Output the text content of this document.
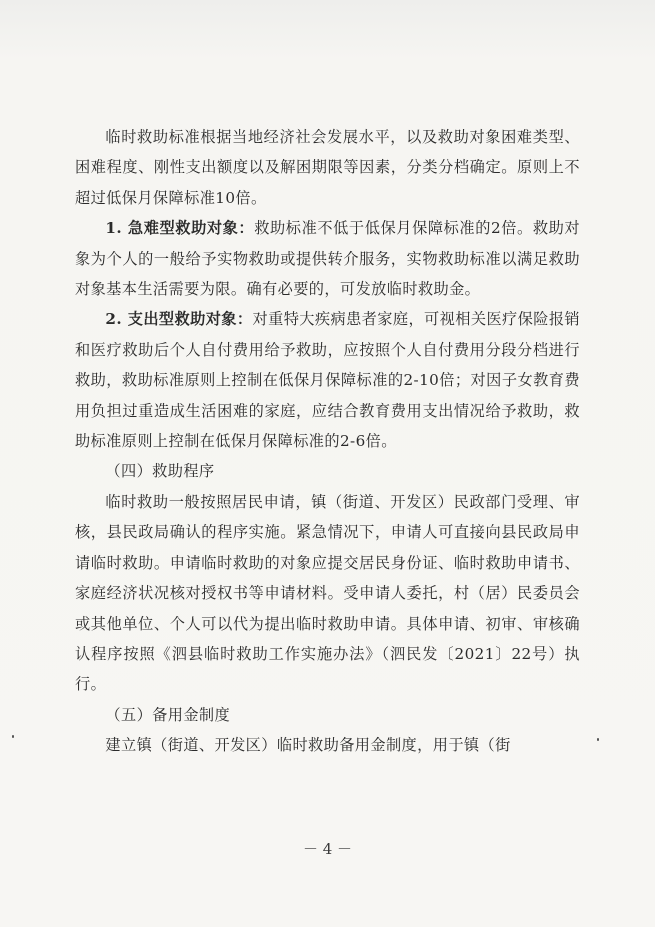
临时救助标准根据当地经济社会发展水平，以及救助对象困难类型、困难程度、刚性支出额度以及解困期限等因素，分类分档确定。原则上不超过低保月保障标准10倍。

1. 急难型救助对象：救助标准不低于低保月保障标准的2倍。救助对象为个人的一般给予实物救助或提供转介服务，实物救助标准以满足救助对象基本生活需要为限。确有必要的，可发放临时救助金。

2. 支出型救助对象：对重特大疾病患者家庭，可视相关医疗保险报销和医疗救助后个人自付费用给予救助，应按照个人自付费用分段分档进行救助，救助标准原则上控制在低保月保障标准的2-10倍；对因子女教育费用负担过重造成生活困难的家庭，应结合教育费用支出情况给予救助，救助标准原则上控制在低保月保障标准的2-6倍。

（四）救助程序

临时救助一般按照居民申请，镇（街道、开发区）民政部门受理、审核，县民政局确认的程序实施。紧急情况下，申请人可直接向县民政局申请临时救助。申请临时救助的对象应提交居民身份证、临时救助申请书、家庭经济状况核对授权书等申请材料。受申请人委托，村（居）民委员会或其他单位、个人可以代为提出临时救助申请。具体申请、初审、审核确认程序按照《泗县临时救助工作实施办法》（泗民发〔2021〕22号）执行。

（五）备用金制度

建立镇（街道、开发区）临时救助备用金制度，用于镇（街

－ 4 －
